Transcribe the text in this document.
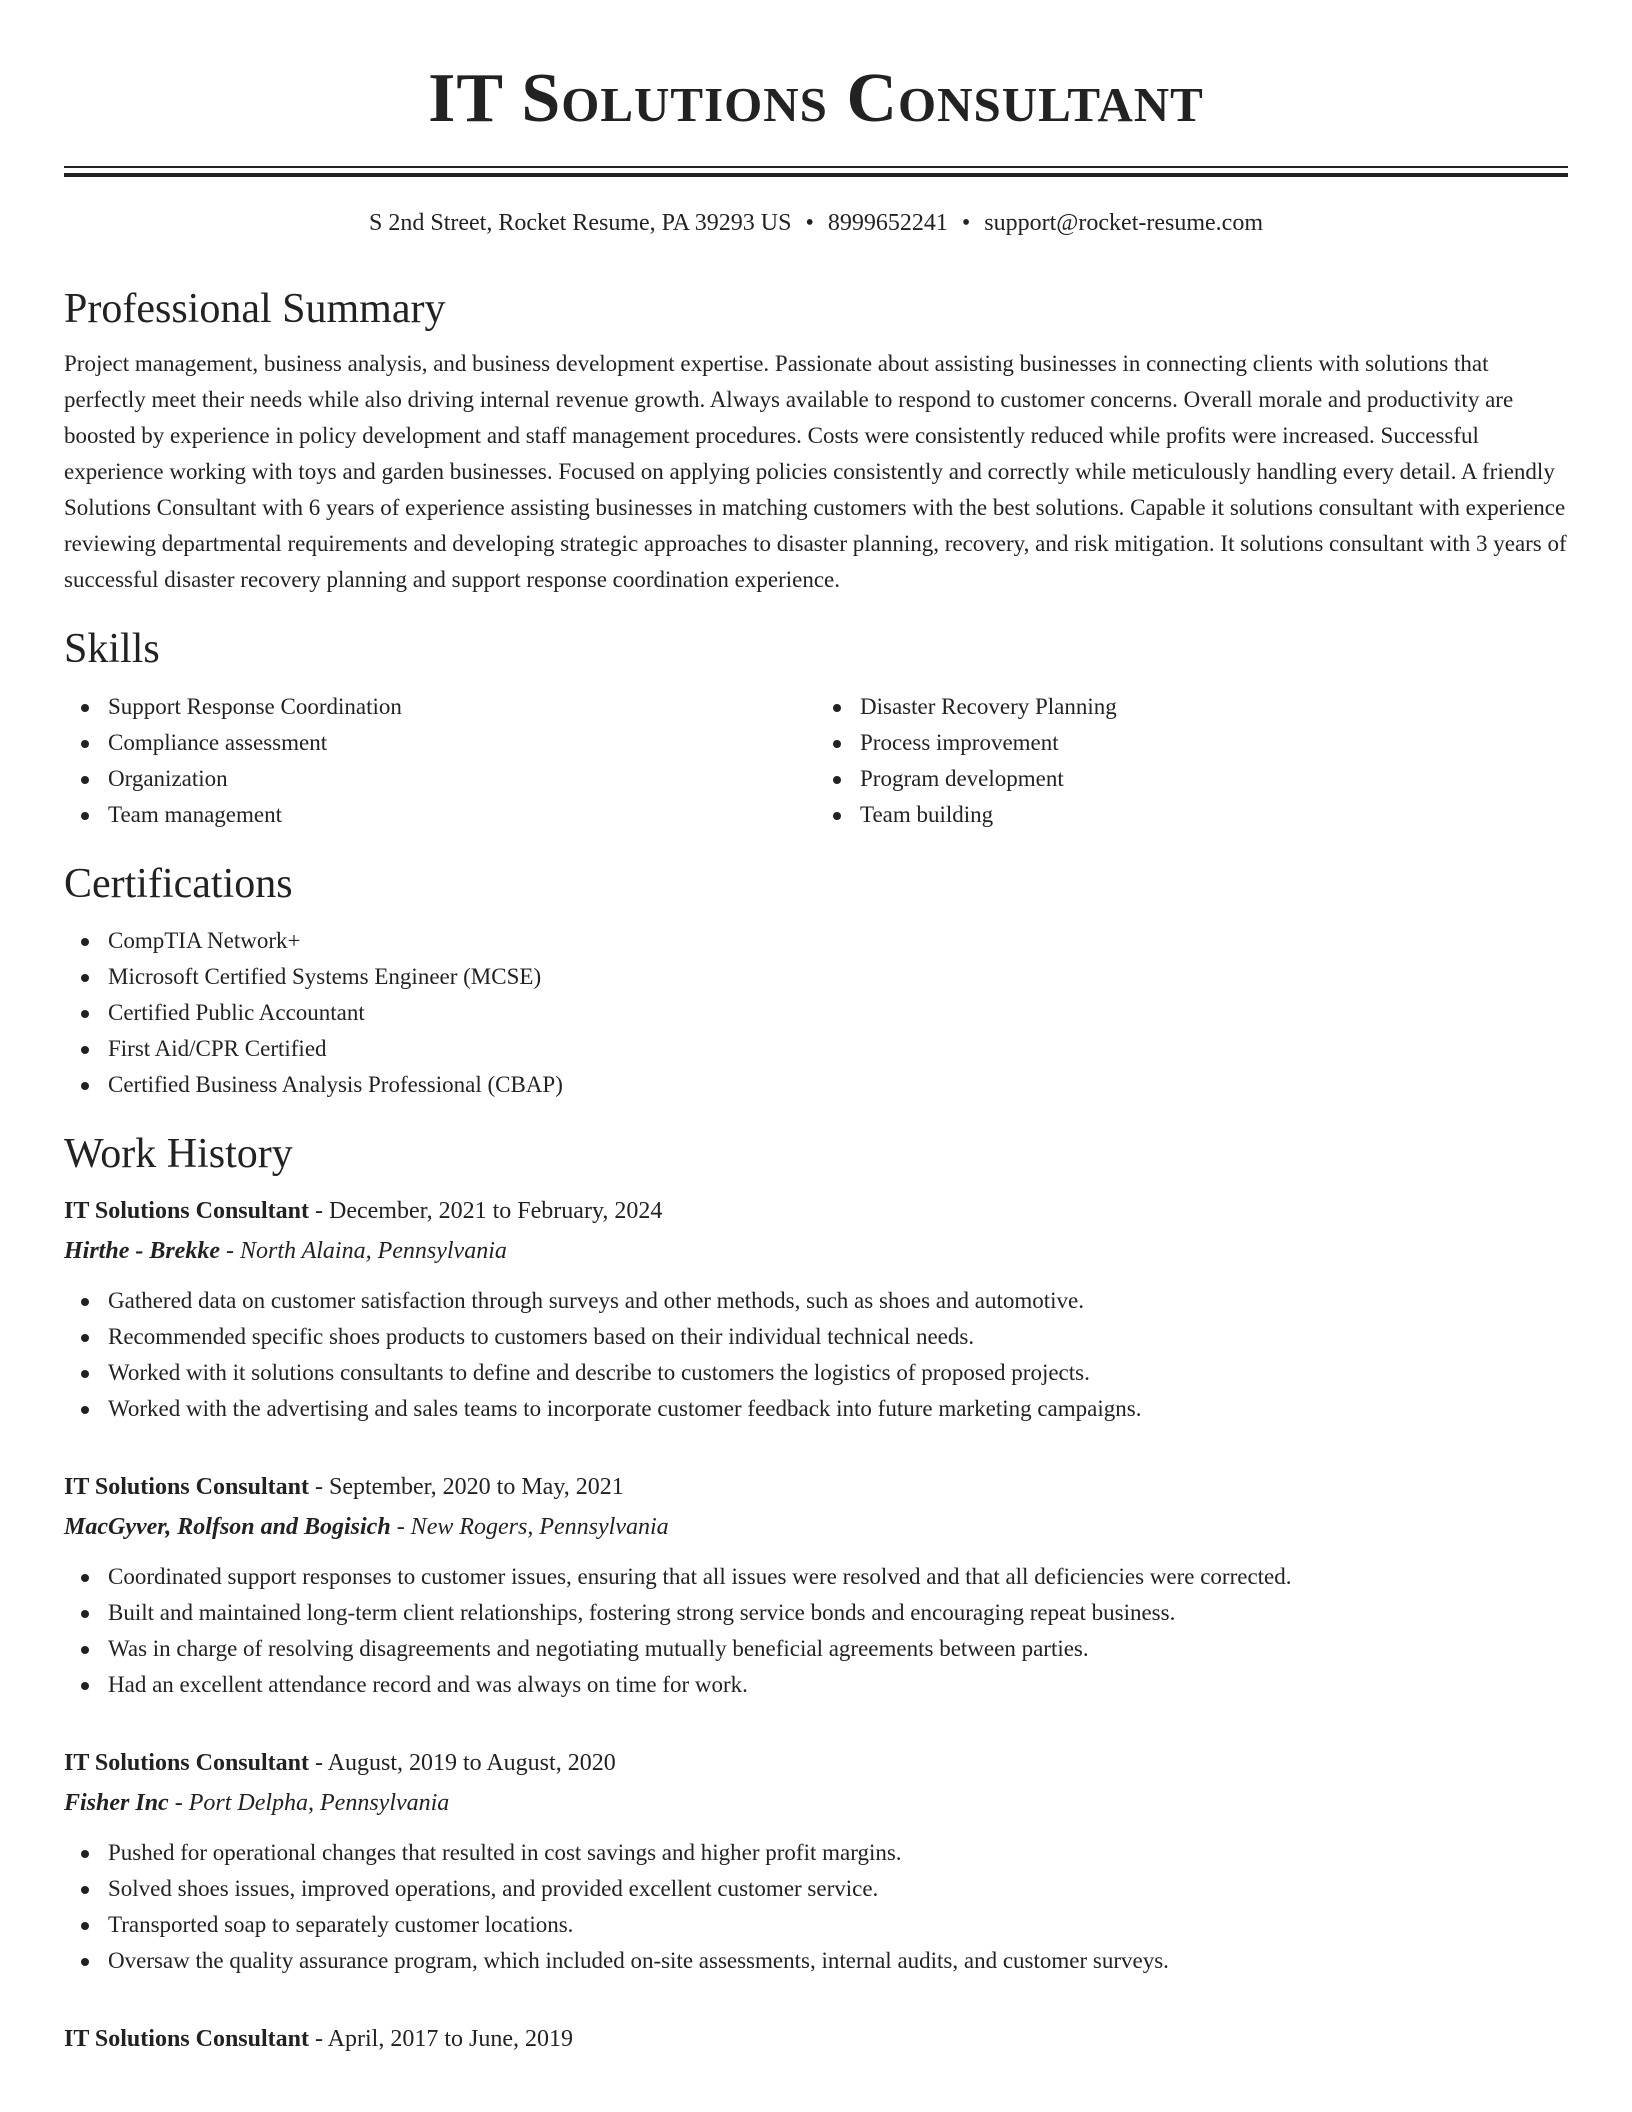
IT Solutions Consultant
S 2nd Street, Rocket Resume, PA 39293 US • 8999652241 • support@rocket-resume.com
Professional Summary

Project management, business analysis, and business development expertise. Passionate about assisting businesses in connecting clients with solutions that perfectly meet their needs while also driving internal revenue growth. Always available to respond to customer concerns. Overall morale and productivity are boosted by experience in policy development and staff management procedures. Costs were consistently reduced while profits were increased. Successful experience working with toys and garden businesses. Focused on applying policies consistently and correctly while meticulously handling every detail. A friendly Solutions Consultant with 6 years of experience assisting businesses in matching customers with the best solutions. Capable it solutions consultant with experience reviewing departmental requirements and developing strategic approaches to disaster planning, recovery, and risk mitigation. It solutions consultant with 3 years of successful disaster recovery planning and support response coordination experience.

Skills
Support Response Coordination
Compliance assessment
Organization
Team management
Disaster Recovery Planning
Process improvement
Program development
Team building
Certifications
CompTIA Network+
Microsoft Certified Systems Engineer (MCSE)
Certified Public Accountant
First Aid/CPR Certified
Certified Business Analysis Professional (CBAP)
Work History
IT Solutions Consultant - December, 2021 to February, 2024
Hirthe - Brekke - North Alaina, Pennsylvania
Gathered data on customer satisfaction through surveys and other methods, such as shoes and automotive.
Recommended specific shoes products to customers based on their individual technical needs.
Worked with it solutions consultants to define and describe to customers the logistics of proposed projects.
Worked with the advertising and sales teams to incorporate customer feedback into future marketing campaigns.
IT Solutions Consultant - September, 2020 to May, 2021
MacGyver, Rolfson and Bogisich - New Rogers, Pennsylvania
Coordinated support responses to customer issues, ensuring that all issues were resolved and that all deficiencies were corrected.
Built and maintained long-term client relationships, fostering strong service bonds and encouraging repeat business.
Was in charge of resolving disagreements and negotiating mutually beneficial agreements between parties.
Had an excellent attendance record and was always on time for work.
IT Solutions Consultant - August, 2019 to August, 2020
Fisher Inc - Port Delpha, Pennsylvania
Pushed for operational changes that resulted in cost savings and higher profit margins.
Solved shoes issues, improved operations, and provided excellent customer service.
Transported soap to separately customer locations.
Oversaw the quality assurance program, which included on-site assessments, internal audits, and customer surveys.
IT Solutions Consultant - April, 2017 to June, 2019
